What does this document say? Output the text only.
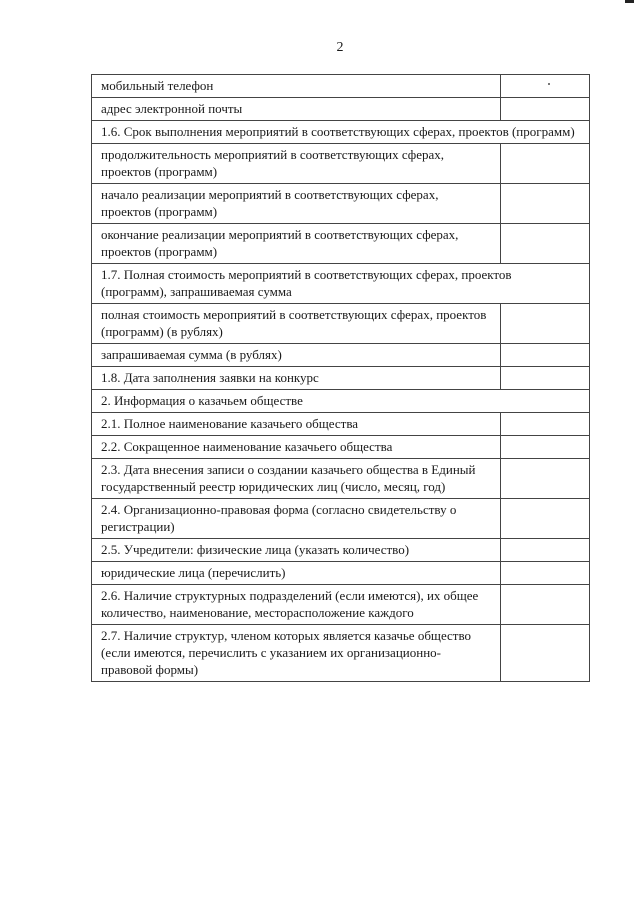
2
мобильный телефон	
адрес электронной почты	
1.6. Срок выполнения мероприятий в соответствующих сферах, проектов (программ)	
продолжительность мероприятий в соответствующих сферах, проектов (программ)	
начало реализации мероприятий в соответствующих сферах, проектов (программ)	
окончание реализации мероприятий в соответствующих сферах, проектов (программ)	
1.7. Полная стоимость мероприятий в соответствующих сферах, проектов (программ), запрашиваемая сумма	
полная стоимость мероприятий в соответствующих сферах, проектов (программ) (в рублях)	
запрашиваемая сумма (в рублях)	
1.8. Дата заполнения заявки на конкурс	
2. Информация о казачьем обществе	
2.1. Полное наименование казачьего общества	
2.2. Сокращенное наименование казачьего общества	
2.3. Дата внесения записи о создании казачьего общества в Единый государственный реестр юридических лиц (число, месяц, год)	
2.4. Организационно-правовая форма (согласно свидетельству о регистрации)	
2.5. Учредители: физические лица (указать количество)	
юридические лица (перечислить)	
2.6. Наличие структурных подразделений (если имеются), их общее количество, наименование, месторасположение каждого	
2.7. Наличие структур, членом которых является казачье общество (если имеются, перечислить с указанием их организационно-правовой формы)	
